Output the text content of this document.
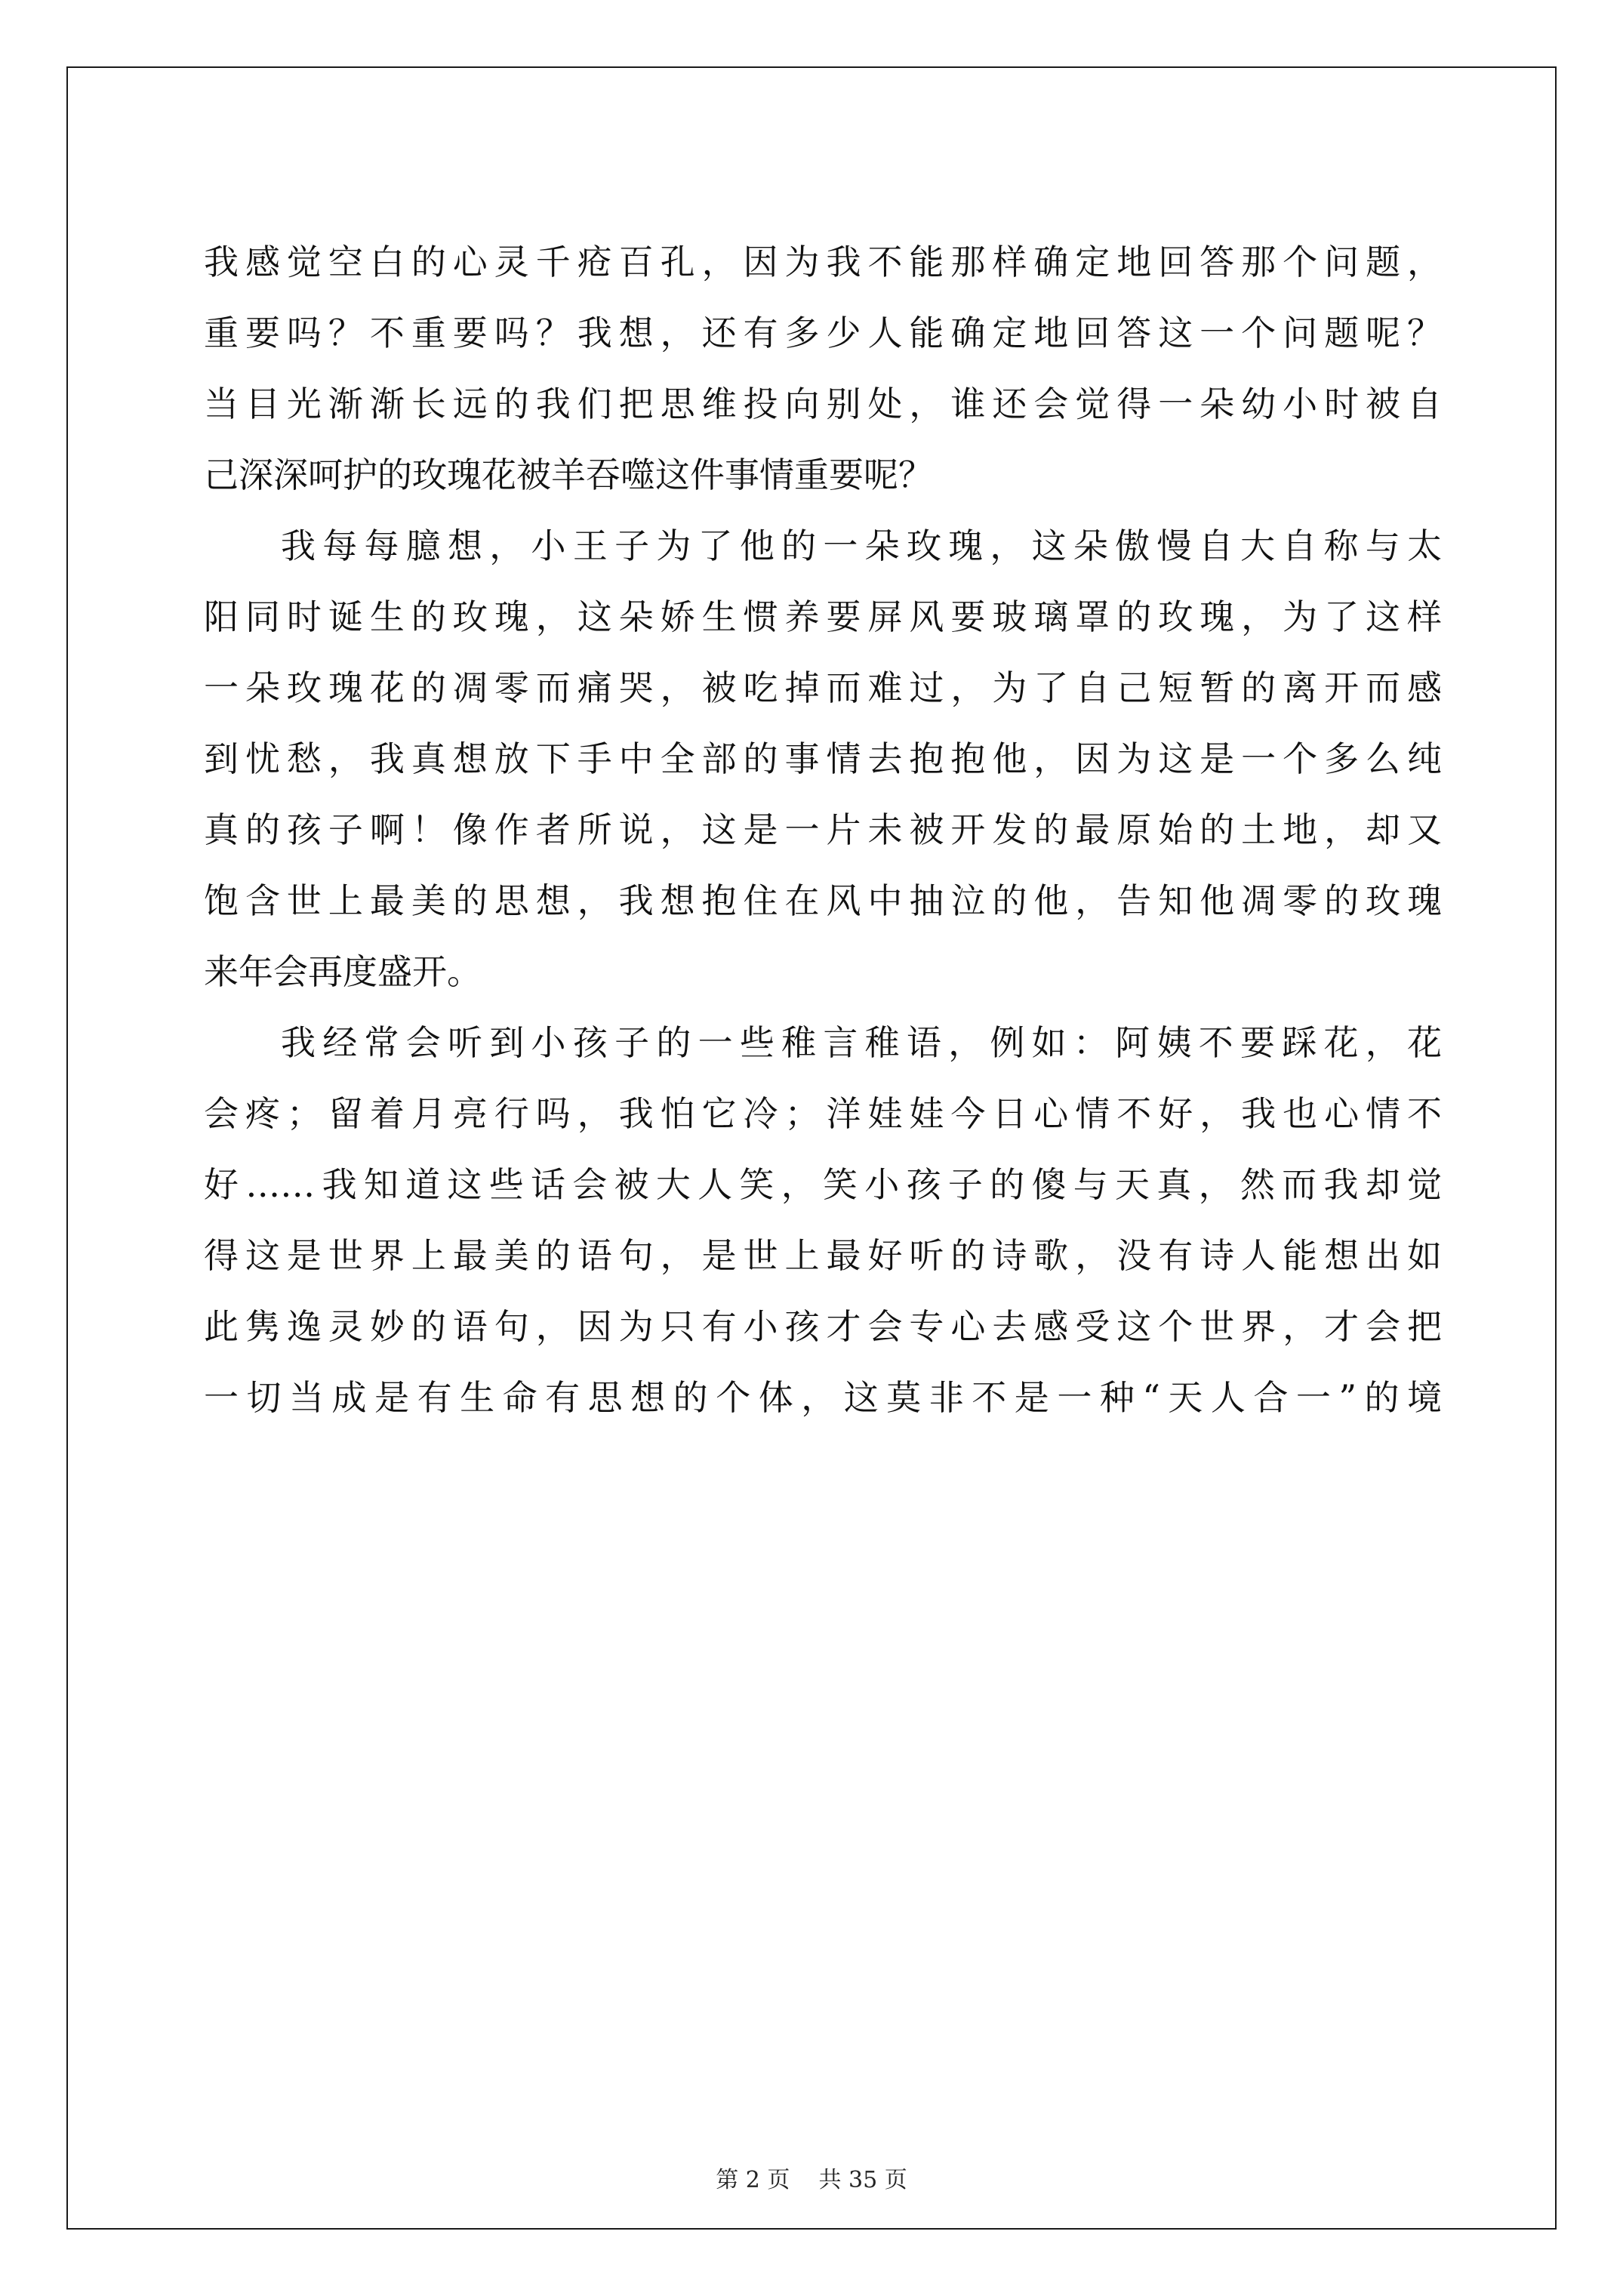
我感觉空白的心灵千疮百孔，因为我不能那样确定地回答那个问题，
重要吗？不重要吗？我想，还有多少人能确定地回答这一个问题呢？
当目光渐渐长远的我们把思维投向别处，谁还会觉得一朵幼小时被自
己深深呵护的玫瑰花被羊吞噬这件事情重要呢？
我每每臆想，小王子为了他的一朵玫瑰，这朵傲慢自大自称与太
阳同时诞生的玫瑰，这朵娇生惯养要屏风要玻璃罩的玫瑰，为了这样
一朵玫瑰花的凋零而痛哭，被吃掉而难过，为了自己短暂的离开而感
到忧愁，我真想放下手中全部的事情去抱抱他，因为这是一个多么纯
真的孩子啊！像作者所说，这是一片未被开发的最原始的土地，却又
饱含世上最美的思想，我想抱住在风中抽泣的他，告知他凋零的玫瑰
来年会再度盛开。
我经常会听到小孩子的一些稚言稚语，例如：阿姨不要踩花，花
会疼；留着月亮行吗，我怕它冷；洋娃娃今日心情不好，我也心情不
好……我知道这些话会被大人笑，笑小孩子的傻与天真，然而我却觉
得这是世界上最美的语句，是世上最好听的诗歌，没有诗人能想出如
此隽逸灵妙的语句，因为只有小孩才会专心去感受这个世界，才会把
一切当成是有生命有思想的个体，这莫非不是一种“天人合一”的境
第 2 页    共 35 页
